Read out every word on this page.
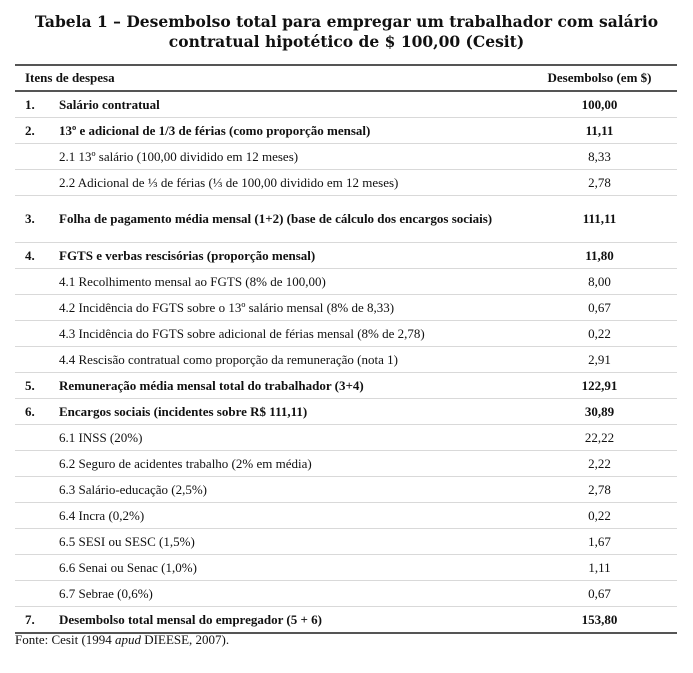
Tabela 1 – Desembolso total para empregar um trabalhador com salário
contratual hipotético de $ 100,00 (Cesit)
Itens de despesa		Desembolso (em $)
1.	Salário contratual	100,00
2.	13º e adicional de 1/3 de férias (como proporção mensal)	11,11
2.1 13º salário (100,00 dividido em 12 meses)		8,33
2.2 Adicional de ⅓ de férias (⅓ de 100,00 dividido em 12 meses)		2,78
3.	Folha de pagamento média mensal (1+2) (base de cálculo dos encargos sociais)	111,11
4.	FGTS e verbas rescisórias (proporção mensal)	11,80
4.1 Recolhimento mensal ao FGTS (8% de 100,00)		8,00
4.2 Incidência do FGTS sobre o 13º salário mensal (8% de 8,33)		0,67
4.3 Incidência do FGTS sobre adicional de férias mensal (8% de 2,78)		0,22
4.4 Rescisão contratual como proporção da remuneração (nota 1)		2,91
5.	Remuneração média mensal total do trabalhador (3+4)	122,91
6.	Encargos sociais (incidentes sobre R$ 111,11)	30,89
6.1 INSS (20%)		22,22
6.2 Seguro de acidentes trabalho (2% em média)		2,22
6.3 Salário-educação (2,5%)		2,78
6.4 Incra (0,2%)		0,22
6.5 SESI ou SESC (1,5%)		1,67
6.6 Senai ou Senac (1,0%)		1,11
6.7 Sebrae (0,6%)		0,67
7.	Desembolso total mensal do empregador (5 + 6)	153,80
Fonte: Cesit (1994 apud DIEESE, 2007).
